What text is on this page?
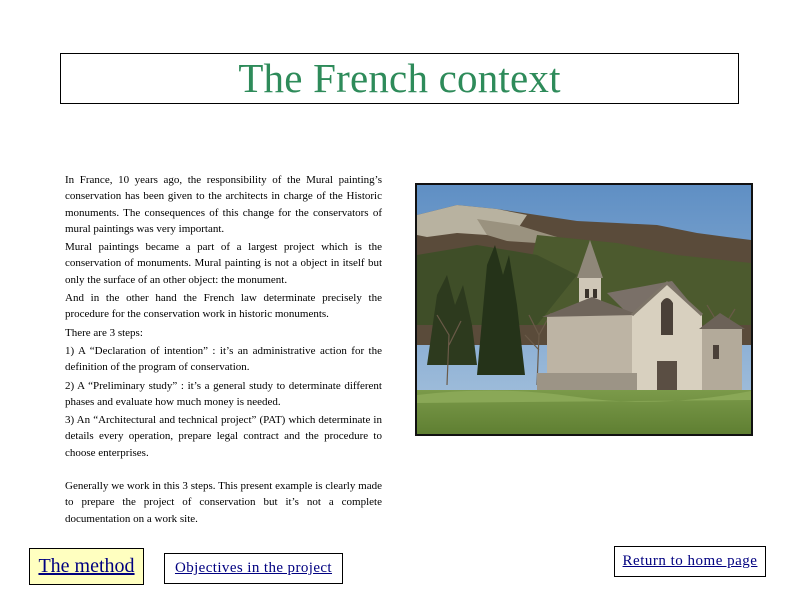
The French context

In France, 10 years ago, the responsibility of the Mural painting’s conservation has been given to the architects in charge of the Historic monuments. The consequences of this change for the conservators of mural paintings was very important.

Mural paintings became a part of a largest project which is the conservation of monuments. Mural painting is not a object in itself but only the surface of an other object: the monument.

And in the other hand the French law determinate precisely the procedure for the conservation work in historic monuments.

There are 3 steps:

1) A “Declaration of intention” : it’s an administrative action for the definition of the program of conservation.

2) A “Preliminary study” : it’s a general study to determinate different phases and evaluate how much money is needed.

3) An “Architectural and technical project” (PAT) which determinate in details every operation, prepare legal contract and the procedure to choose enterprises.

Generally we work in this 3 steps. This present example is clearly made to prepare the project of conservation but it’s not a complete documentation on a work site.

The method	Objectives in the project	Return to home page
